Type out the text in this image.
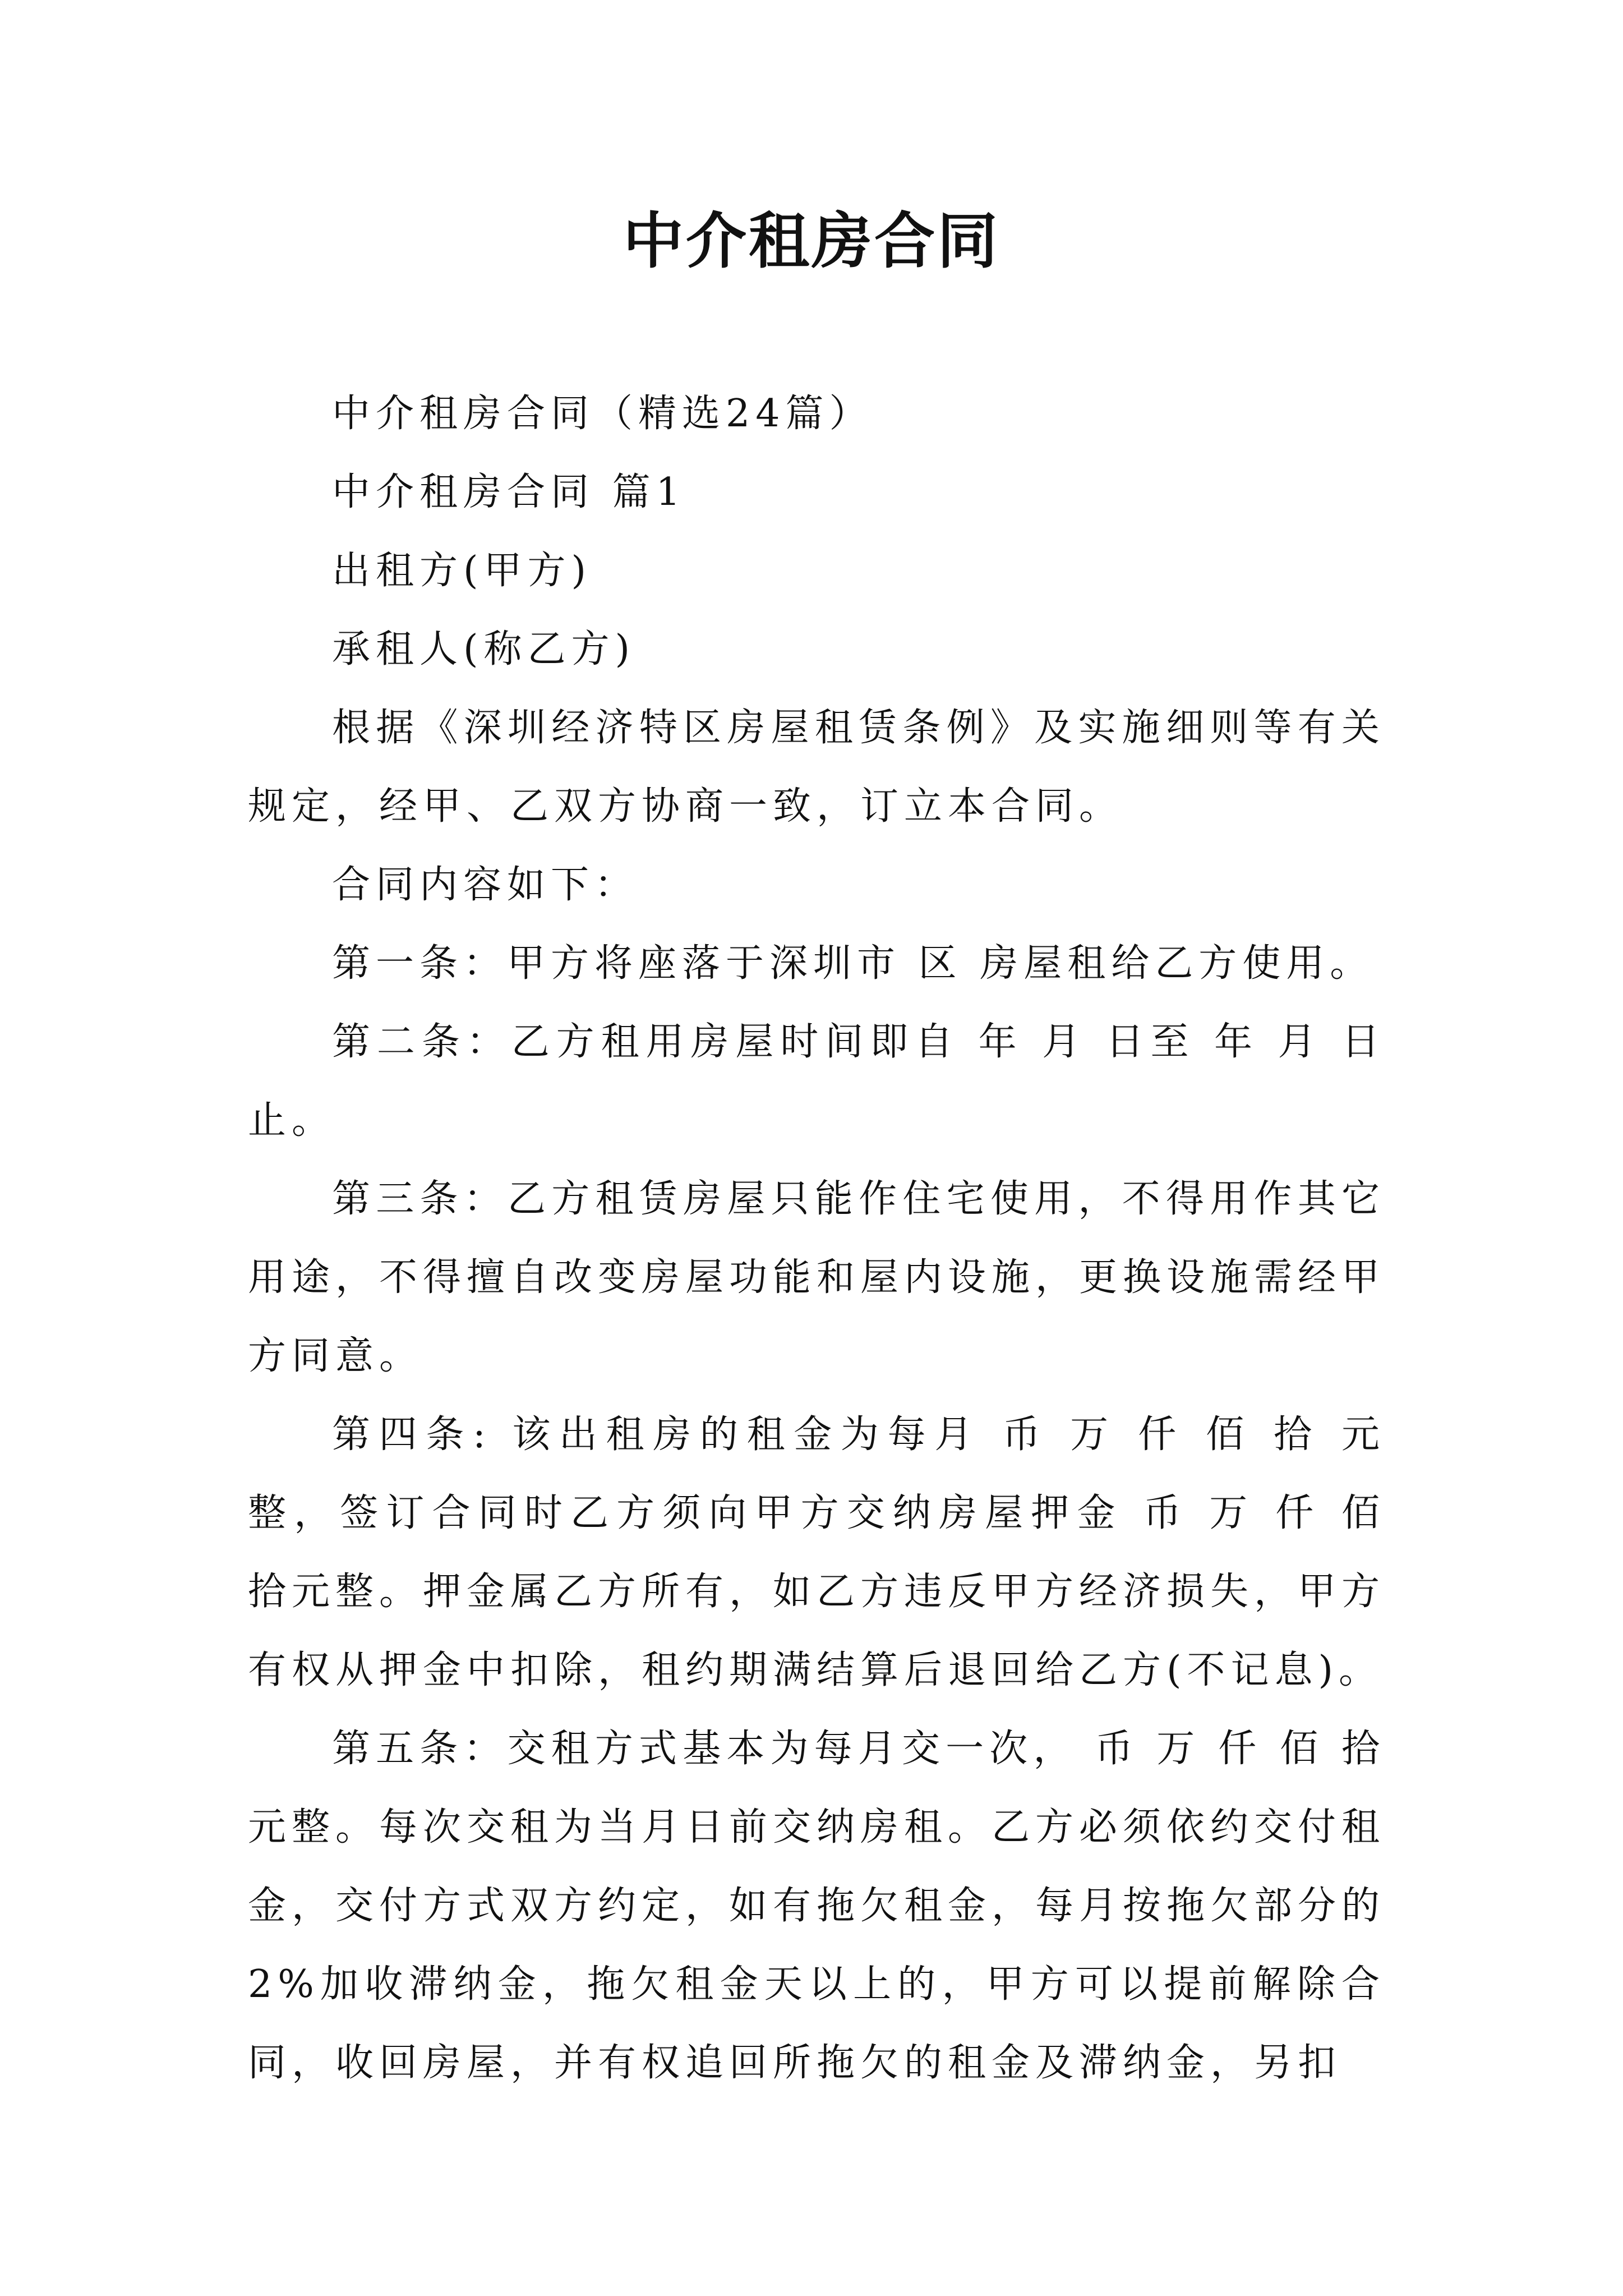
中介租房合同

中介租房合同（精选24篇）

中介租房合同 篇1

出租方(甲方)

承租人(称乙方)

根据《深圳经济特区房屋租赁条例》及实施细则等有关规定，经甲、乙双方协商一致，订立本合同。

合同内容如下：

第一条：甲方将座落于深圳市 区 房屋租给乙方使用。

第二条：乙方租用房屋时间即自 年 月 日至 年 月 日止。

第三条：乙方租赁房屋只能作住宅使用，不得用作其它用途，不得擅自改变房屋功能和屋内设施，更换设施需经甲方同意。

第四条: 该出租房的租金为每月 币 万 仟 佰 拾 元整，签订合同时乙方须向甲方交纳房屋押金 币 万 仟 佰 拾元整。押金属乙方所有，如乙方违反甲方经济损失，甲方有权从押金中扣除，租约期满结算后退回给乙方(不记息)。

第五条：交租方式基本为每月交一次， 币 万 仟 佰 拾 元整。每次交租为当月日前交纳房租。乙方必须依约交付租金，交付方式双方约定，如有拖欠租金，每月按拖欠部分的2%加收滞纳金，拖欠租金天以上的，甲方可以提前解除合同，收回房屋，并有权追回所拖欠的租金及滞纳金，另扣
